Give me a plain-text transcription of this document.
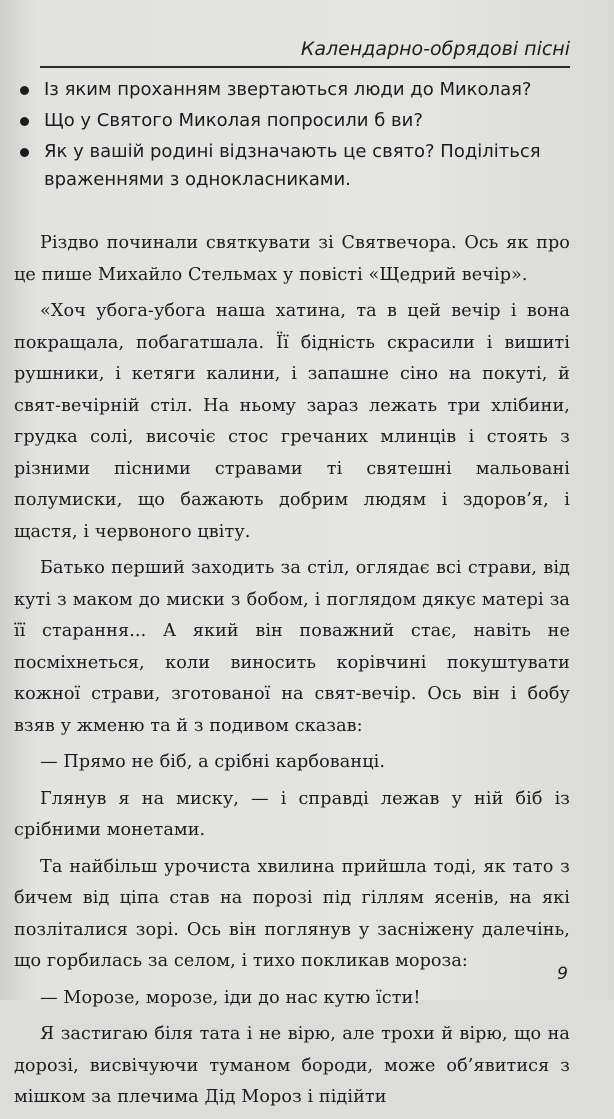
Календарно-обрядові пісні
Із яким проханням звертаються люди до Миколая?
Що у Святого Миколая попросили б ви?
Як у вашій родині відзначають це свято? Поділіться враженнями з однокласниками.

Різдво починали святкувати зі Святвечора. Ось як про це пише Михайло Стельмах у повісті «Щедрий вечір».

«Хоч убога-убога наша хатина, та в цей вечір і вона покращала, побагатшала. Її бідність скрасили і вишиті рушники, і кетяги калини, і запашне сіно на покуті, й свят-вечірній стіл. На ньому зараз лежать три хлібини, грудка солі, височіє стос гречаних млинців і стоять з різними пісними стравами ті святешні мальовані полумиски, що бажають добрим людям і здоров’я, і щастя, і червоного цвіту.

Батько перший заходить за стіл, оглядає всі страви, від куті з маком до миски з бобом, і поглядом дякує матері за її старання... А який він поважний стає, навіть не посміхнеться, коли виносить корівчині покуштувати кожної страви, зготованої на свят-вечір. Ось він і бобу взяв у жменю та й з подивом сказав:

— Прямо не біб, а срібні карбованці.

Глянув я на миску, — і справді лежав у ній біб із срібними монетами.

Та найбільш урочиста хвилина прийшла тоді, як тато з бичем від ціпа став на порозі під гіллям ясенів, на які позліталися зорі. Ось він поглянув у засніжену далечінь, що горбилась за селом, і тихо покликав мороза:

— Морозе, морозе, іди до нас кутю їсти!

Я застигаю біля тата і не вірю, але трохи й вірю, що на дорозі, висвічуючи туманом бороди, може об’явитися з мішком за плечима Дід Мороз і підійти

9
